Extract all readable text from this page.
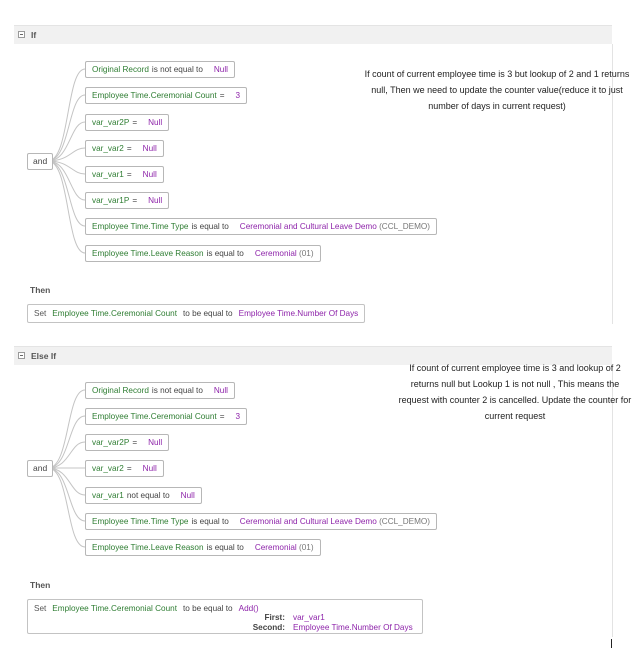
If
and
Original Record is not equal to Null
Employee Time.Ceremonial Count = 3
var_var2P = Null
var_var2 = Null
var_var1 = Null
var_var1P = Null
Employee Time.Time Type is equal to Ceremonial and Cultural Leave Demo (CCL_DEMO)
Employee Time.Leave Reason is equal to Ceremonial (01)
If count of current employee time is 3 but lookup of 2 and 1 returns null, Then we need to update the counter value(reduce it to just number of days in current request)
Then
Set Employee Time.Ceremonial Count to be equal to Employee Time.Number Of Days
Else If
and
Original Record is not equal to Null
Employee Time.Ceremonial Count = 3
var_var2P = Null
var_var2 = Null
var_var1 not equal to Null
Employee Time.Time Type is equal to Ceremonial and Cultural Leave Demo (CCL_DEMO)
Employee Time.Leave Reason is equal to Ceremonial (01)
If count of current employee time is 3 and lookup of 2 returns null but Lookup 1 is not null , This means the request with counter 2 is cancelled. Update the counter for current request
Then
Set Employee Time.Ceremonial Count to be equal to Add()
First: var_var1
Second: Employee Time.Number Of Days
